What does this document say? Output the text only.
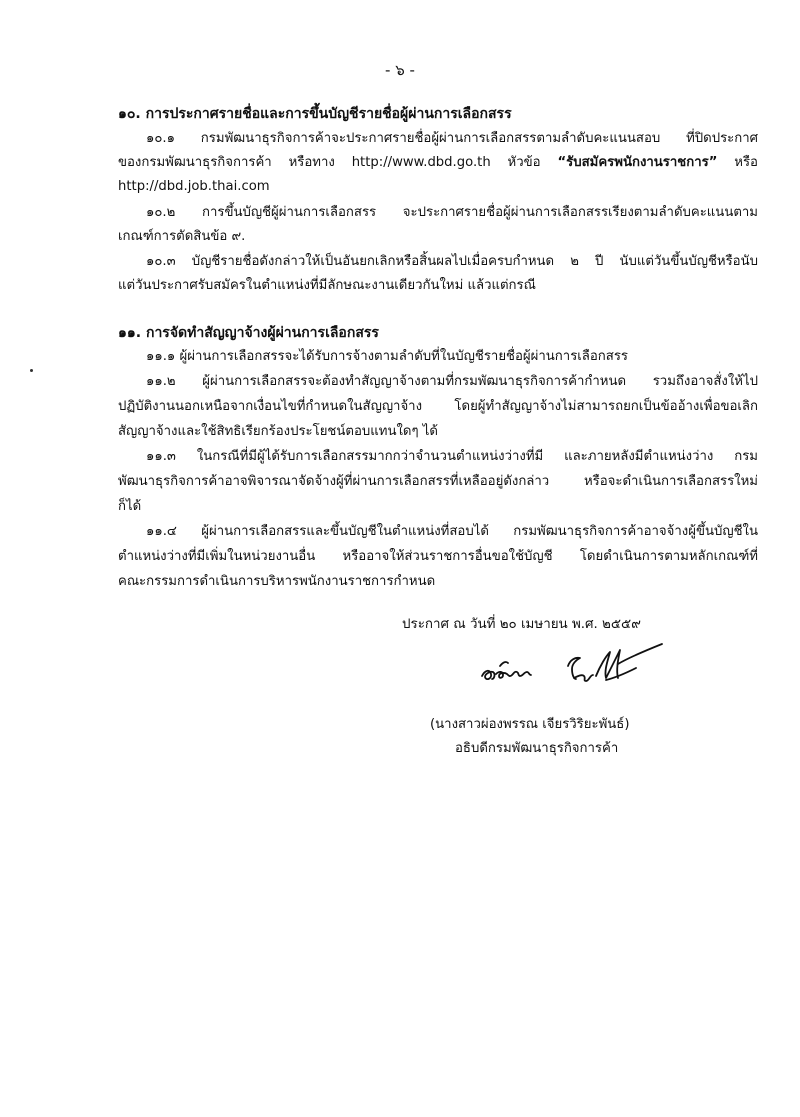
- ๖ -
๑๐. การประกาศรายชื่อและการขึ้นบัญชีรายชื่อผู้ผ่านการเลือกสรร
๑๐.๑ กรมพัฒนาธุรกิจการค้าจะประกาศรายชื่อผู้ผ่านการเลือกสรรตามลำดับคะแนนสอบ ที่ปิดประกาศ
ของกรมพัฒนาธุรกิจการค้า หรือทาง http://www.dbd.go.th หัวข้อ “รับสมัครพนักงานราชการ” หรือ
http://dbd.job.thai.com
๑๐.๒ การขึ้นบัญชีผู้ผ่านการเลือกสรร จะประกาศรายชื่อผู้ผ่านการเลือกสรรเรียงตามลำดับคะแนนตาม
เกณฑ์การตัดสินข้อ ๙.
๑๐.๓ บัญชีรายชื่อดังกล่าวให้เป็นอันยกเลิกหรือสิ้นผลไปเมื่อครบกำหนด ๒ ปี นับแต่วันขึ้นบัญชีหรือนับ
แต่วันประกาศรับสมัครในตำแหน่งที่มีลักษณะงานเดียวกันใหม่ แล้วแต่กรณี
๑๑. การจัดทำสัญญาจ้างผู้ผ่านการเลือกสรร
๑๑.๑ ผู้ผ่านการเลือกสรรจะได้รับการจ้างตามลำดับที่ในบัญชีรายชื่อผู้ผ่านการเลือกสรร
๑๑.๒ ผู้ผ่านการเลือกสรรจะต้องทำสัญญาจ้างตามที่กรมพัฒนาธุรกิจการค้ากำหนด รวมถึงอาจสั่งให้ไป
ปฏิบัติงานนอกเหนือจากเงื่อนไขที่กำหนดในสัญญาจ้าง โดยผู้ทำสัญญาจ้างไม่สามารถยกเป็นข้ออ้างเพื่อขอเลิก
สัญญาจ้างและใช้สิทธิเรียกร้องประโยชน์ตอบแทนใดๆ ได้
๑๑.๓ ในกรณีที่มีผู้ได้รับการเลือกสรรมากกว่าจำนวนตำแหน่งว่างที่มี และภายหลังมีตำแหน่งว่าง กรม
พัฒนาธุรกิจการค้าอาจพิจารณาจัดจ้างผู้ที่ผ่านการเลือกสรรที่เหลืออยู่ดังกล่าว หรือจะดำเนินการเลือกสรรใหม่
ก็ได้
๑๑.๔ ผู้ผ่านการเลือกสรรและขึ้นบัญชีในตำแหน่งที่สอบได้ กรมพัฒนาธุรกิจการค้าอาจจ้างผู้ขึ้นบัญชีใน
ตำแหน่งว่างที่มีเพิ่มในหน่วยงานอื่น หรืออาจให้ส่วนราชการอื่นขอใช้บัญชี โดยดำเนินการตามหลักเกณฑ์ที่
คณะกรรมการดำเนินการบริหารพนักงานราชการกำหนด
ประกาศ ณ วันที่ ๒๐ เมษายน พ.ศ. ๒๕๕๙
(นางสาวผ่องพรรณ เจียรวิริยะพันธ์)
อธิบดีกรมพัฒนาธุรกิจการค้า
